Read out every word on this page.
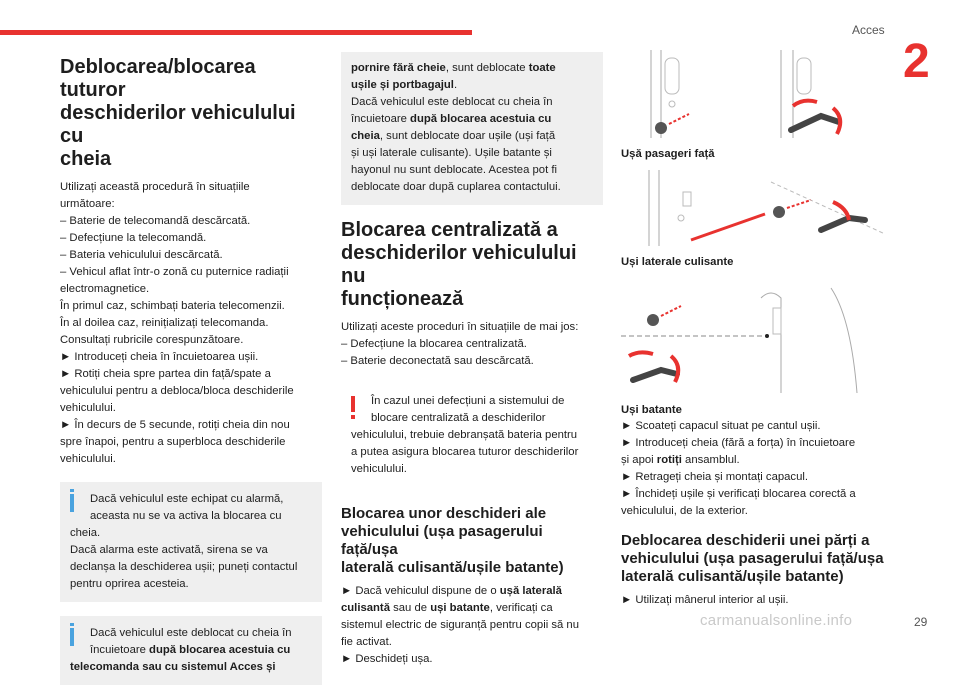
Acces
2
Deblocarea/blocarea tuturor
deschiderilor vehiculului cu
cheia

Utilizați această procedură în situațiile
următoare:
– Baterie de telecomandă descărcată.
– Defecțiune la telecomandă.
– Bateria vehiculului descărcată.
– Vehicul aflat într-o zonă cu puternice radiații
electromagnetice.
În primul caz, schimbați bateria telecomenzii.
În al doilea caz, reinițializați telecomanda.
Consultați rubricile corespunzătoare.
► Introduceți cheia în încuietoarea ușii.
► Rotiți cheia spre partea din față/spate a
vehiculului pentru a debloca/bloca deschiderile
vehiculului.
► În decurs de 5 secunde, rotiți cheia din nou
spre înapoi, pentru a superbloca deschiderile
vehiculului.

Dacă vehiculul este echipat cu alarmă,
aceasta nu se va activa la blocarea cu
cheia.
Dacă alarma este activată, sirena se va
declanșa la deschiderea ușii; puneți contactul
pentru oprirea acesteia.
Dacă vehiculul este deblocat cu cheia în
încuietoare după blocarea acestuia cu
telecomanda sau cu sistemul Acces și
pornire fără cheie, sunt deblocate toate
ușile și portbagajul.
Dacă vehiculul este deblocat cu cheia în
încuietoare după blocarea acestuia cu
cheia, sunt deblocate doar ușile (uși față
și uși laterale culisante). Ușile batante și
hayonul nu sunt deblocate. Acestea pot fi
deblocate doar după cuplarea contactului.
Blocarea centralizată a
deschiderilor vehiculului nu
funcționează

Utilizați aceste proceduri în situațiile de mai jos:
– Defecțiune la blocarea centralizată.
– Baterie deconectată sau descărcată.

În cazul unei defecțiuni a sistemului de
blocare centralizată a deschiderilor
vehiculului, trebuie debranșată bateria pentru
a putea asigura blocarea tuturor deschiderilor
vehiculului.
Blocarea unor deschideri ale
vehiculului (ușa pasagerului față/ușa
laterală culisantă/ușile batante)

► Dacă vehiculul dispune de o ușă laterală
culisantă sau de uși batante, verificați ca
sistemul electric de siguranță pentru copii să nu
fie activat.
► Deschideți ușa.

Ușă pasageri față
Uși laterale culisante
Uși batante

► Scoateți capacul situat pe cantul ușii.
► Introduceți cheia (fără a forța) în încuietoare
și apoi rotiți ansamblul.
► Retrageți cheia și montați capacul.
► Închideți ușile și verificați blocarea corectă a
vehiculului, de la exterior.

Deblocarea deschiderii unei părți a
vehiculului (ușa pasagerului față/ușa
laterală culisantă/ușile batante)

► Utilizați mânerul interior al ușii.

carmanualsonline.info	29
